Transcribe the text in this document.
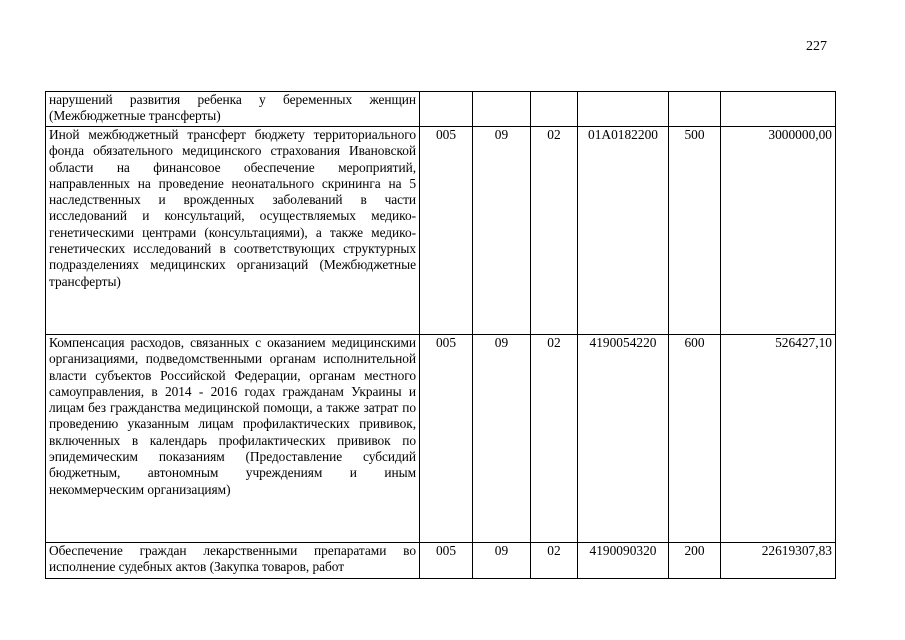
227
нарушений развития ребенка у беременных женщин (Межбюджетные трансферты)						
Иной межбюджетный трансферт бюджету территориального фонда обязательного медицинского страхования Ивановской области на финансовое обеспечение мероприятий, направленных на проведение неонатального скрининга на 5 наследственных и врожденных заболеваний в части исследований и консультаций, осуществляемых медико-генетическими центрами (консультациями), а также медико-генетических исследований в соответствующих структурных подразделениях медицинских организаций (Межбюджетные трансферты)	005	09	02	01А0182200	500	3000000,00
Компенсация расходов, связанных с оказанием медицинскими организациями, подведомственными органам исполнительной власти субъектов Российской Федерации, органам местного самоуправления, в 2014 - 2016 годах гражданам Украины и лицам без гражданства медицинской помощи, а также затрат по проведению указанным лицам профилактических прививок, включенных в календарь профилактических прививок по эпидемическим показаниям (Предоставление субсидий бюджетным, автономным учреждениям и иным некоммерческим организациям)	005	09	02	4190054220	600	526427,10
Обеспечение граждан лекарственными препаратами во исполнение судебных актов (Закупка товаров, работ	005	09	02	4190090320	200	22619307,83
